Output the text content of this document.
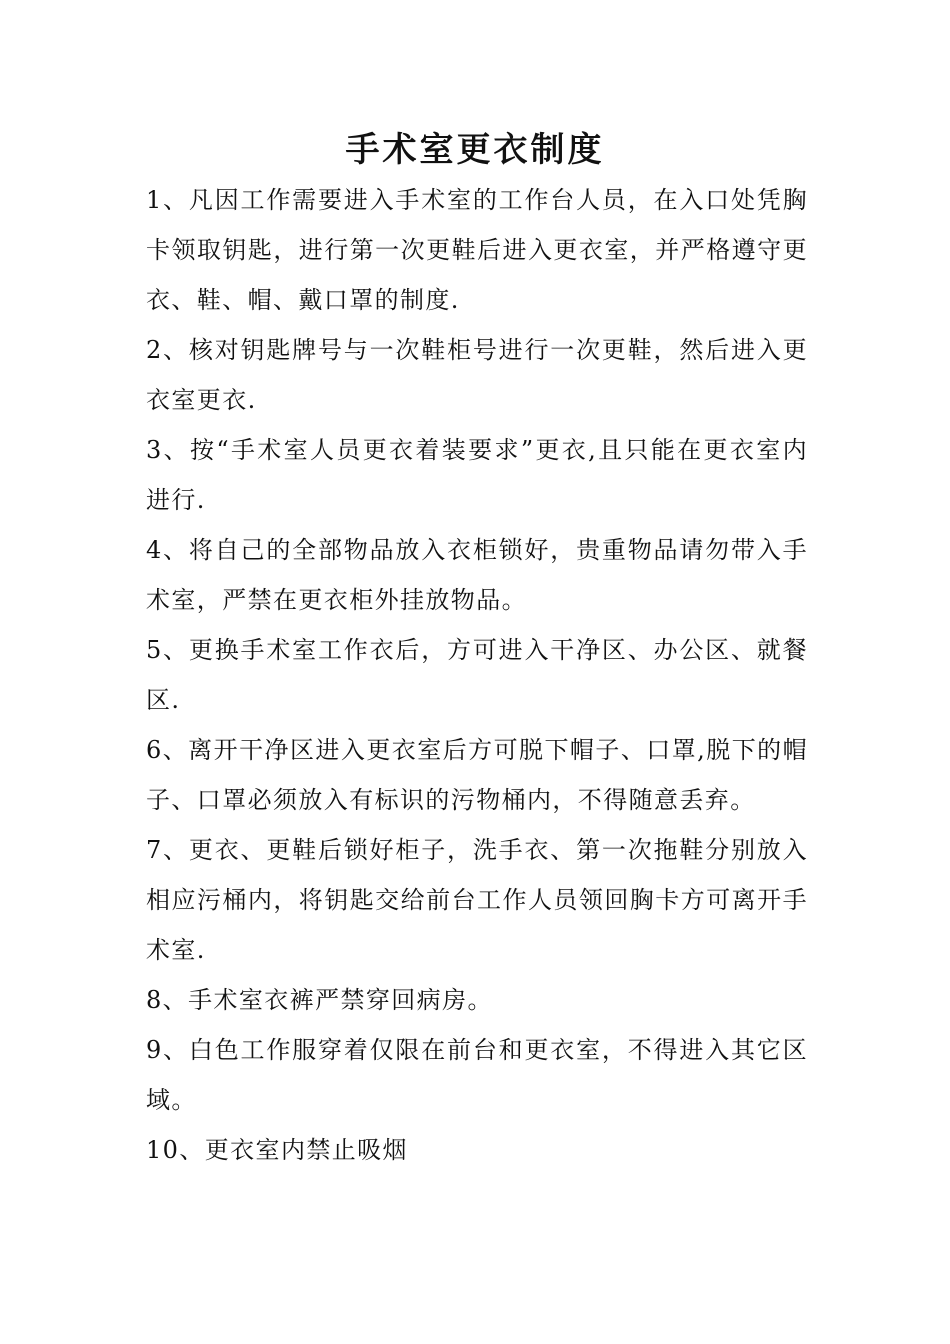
手术室更衣制度
1、凡因工作需要进入手术室的工作台人员，在入口处凭胸卡领取钥匙，进行第一次更鞋后进入更衣室，并严格遵守更衣、鞋、帽、戴口罩的制度.
2、核对钥匙牌号与一次鞋柜号进行一次更鞋，然后进入更衣室更衣.
3、按“手术室人员更衣着装要求”更衣,且只能在更衣室内进行.
4、将自己的全部物品放入衣柜锁好，贵重物品请勿带入手术室，严禁在更衣柜外挂放物品。
5、更换手术室工作衣后，方可进入干净区、办公区、就餐区.
6、离开干净区进入更衣室后方可脱下帽子、口罩,脱下的帽子、口罩必须放入有标识的污物桶内，不得随意丢弃。
7、更衣、更鞋后锁好柜子，洗手衣、第一次拖鞋分别放入相应污桶内，将钥匙交给前台工作人员领回胸卡方可离开手术室.
8、手术室衣裤严禁穿回病房。
9、白色工作服穿着仅限在前台和更衣室，不得进入其它区域。
10、更衣室内禁止吸烟
